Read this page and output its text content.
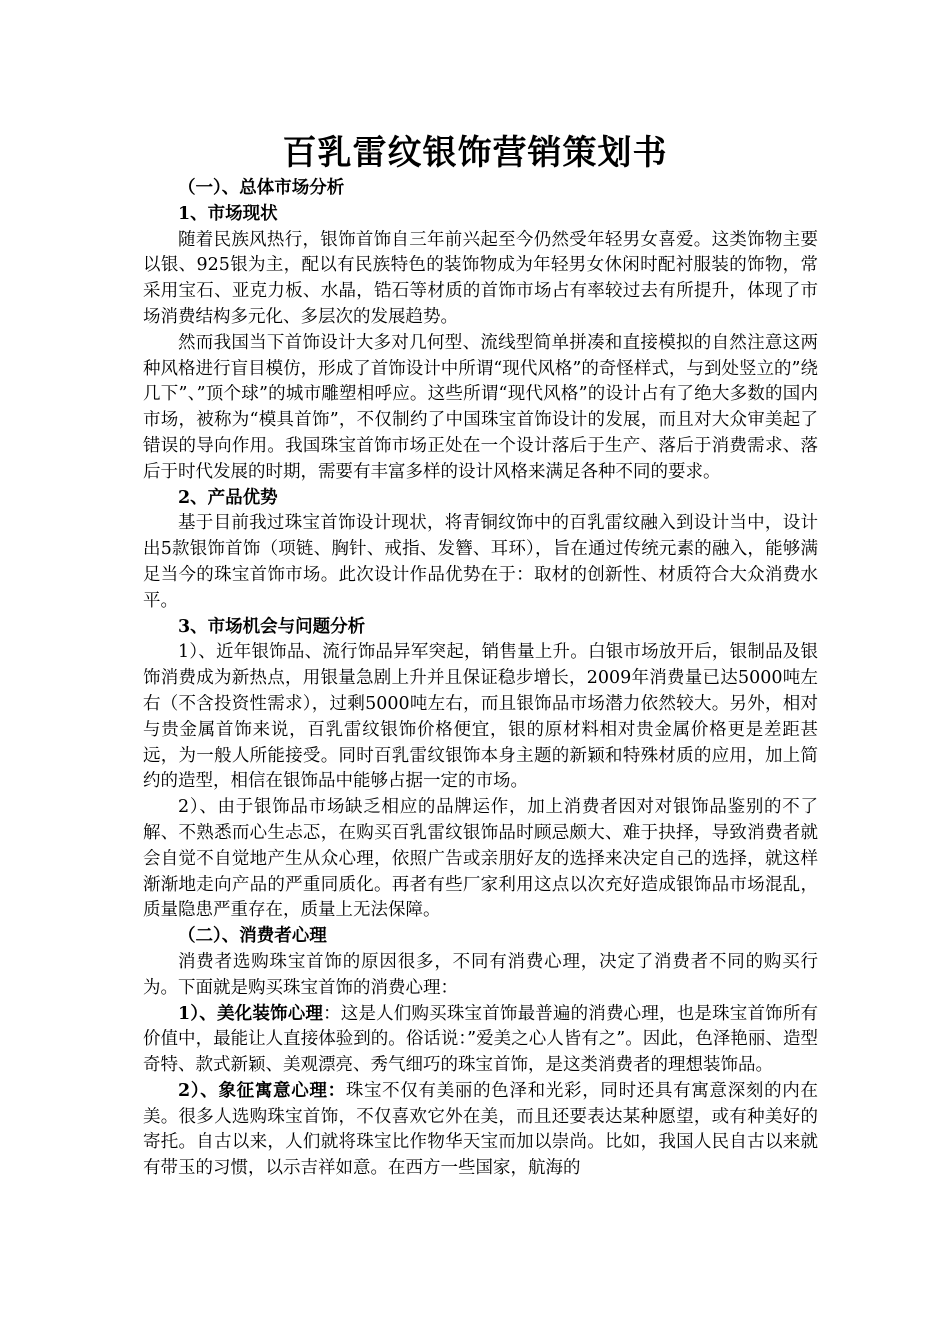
百乳雷纹银饰营销策划书

（一）、总体市场分析

1、市场现状

随着民族风热行，银饰首饰自三年前兴起至今仍然受年轻男女喜爱。这类饰物主要以银、925银为主，配以有民族特色的装饰物成为年轻男女休闲时配衬服装的饰物，常采用宝石、亚克力板、水晶，锆石等材质的首饰市场占有率较过去有所提升，体现了市场消费结构多元化、多层次的发展趋势。

然而我国当下首饰设计大多对几何型、流线型简单拼凑和直接模拟的自然注意这两种风格进行盲目模仿，形成了首饰设计中所谓“现代风格”的奇怪样式，与到处竖立的”绕几下”、”顶个球”的城市雕塑相呼应。这些所谓“现代风格”的设计占有了绝大多数的国内市场，被称为“模具首饰”，不仅制约了中国珠宝首饰设计的发展，而且对大众审美起了错误的导向作用。我国珠宝首饰市场正处在一个设计落后于生产、落后于消费需求、落后于时代发展的时期，需要有丰富多样的设计风格来满足各种不同的要求。

2、产品优势

基于目前我过珠宝首饰设计现状，将青铜纹饰中的百乳雷纹融入到设计当中，设计出5款银饰首饰（项链、胸针、戒指、发簪、耳环），旨在通过传统元素的融入，能够满足当今的珠宝首饰市场。此次设计作品优势在于：取材的创新性、材质符合大众消费水平。

3、市场机会与问题分析

1）、近年银饰品、流行饰品异军突起，销售量上升。白银市场放开后，银制品及银饰消费成为新热点，用银量急剧上升并且保证稳步增长，2009年消费量已达5000吨左右（不含投资性需求），过剩5000吨左右，而且银饰品市场潜力依然较大。另外，相对与贵金属首饰来说，百乳雷纹银饰价格便宜，银的原材料相对贵金属价格更是差距甚远，为一般人所能接受。同时百乳雷纹银饰本身主题的新颖和特殊材质的应用，加上简约的造型，相信在银饰品中能够占据一定的市场。

2）、由于银饰品市场缺乏相应的品牌运作，加上消费者因对对银饰品鉴别的不了解、不熟悉而心生忐忑，在购买百乳雷纹银饰品时顾忌颇大、难于抉择，导致消费者就会自觉不自觉地产生从众心理，依照广告或亲朋好友的选择来决定自己的选择，就这样渐渐地走向产品的严重同质化。再者有些厂家利用这点以次充好造成银饰品市场混乱，质量隐患严重存在，质量上无法保障。

（二）、消费者心理

消费者选购珠宝首饰的原因很多，不同有消费心理，决定了消费者不同的购买行为。下面就是购买珠宝首饰的消费心理：

1）、美化装饰心理：这是人们购买珠宝首饰最普遍的消费心理，也是珠宝首饰所有价值中，最能让人直接体验到的。俗话说：”爱美之心人皆有之”。因此，色泽艳丽、造型奇特、款式新颖、美观漂亮、秀气细巧的珠宝首饰，是这类消费者的理想装饰品。

2）、象征寓意心理：珠宝不仅有美丽的色泽和光彩，同时还具有寓意深刻的内在美。很多人选购珠宝首饰，不仅喜欢它外在美，而且还要表达某种愿望，或有种美好的寄托。自古以来，人们就将珠宝比作物华天宝而加以崇尚。比如，我国人民自古以来就有带玉的习惯，以示吉祥如意。在西方一些国家，航海的
